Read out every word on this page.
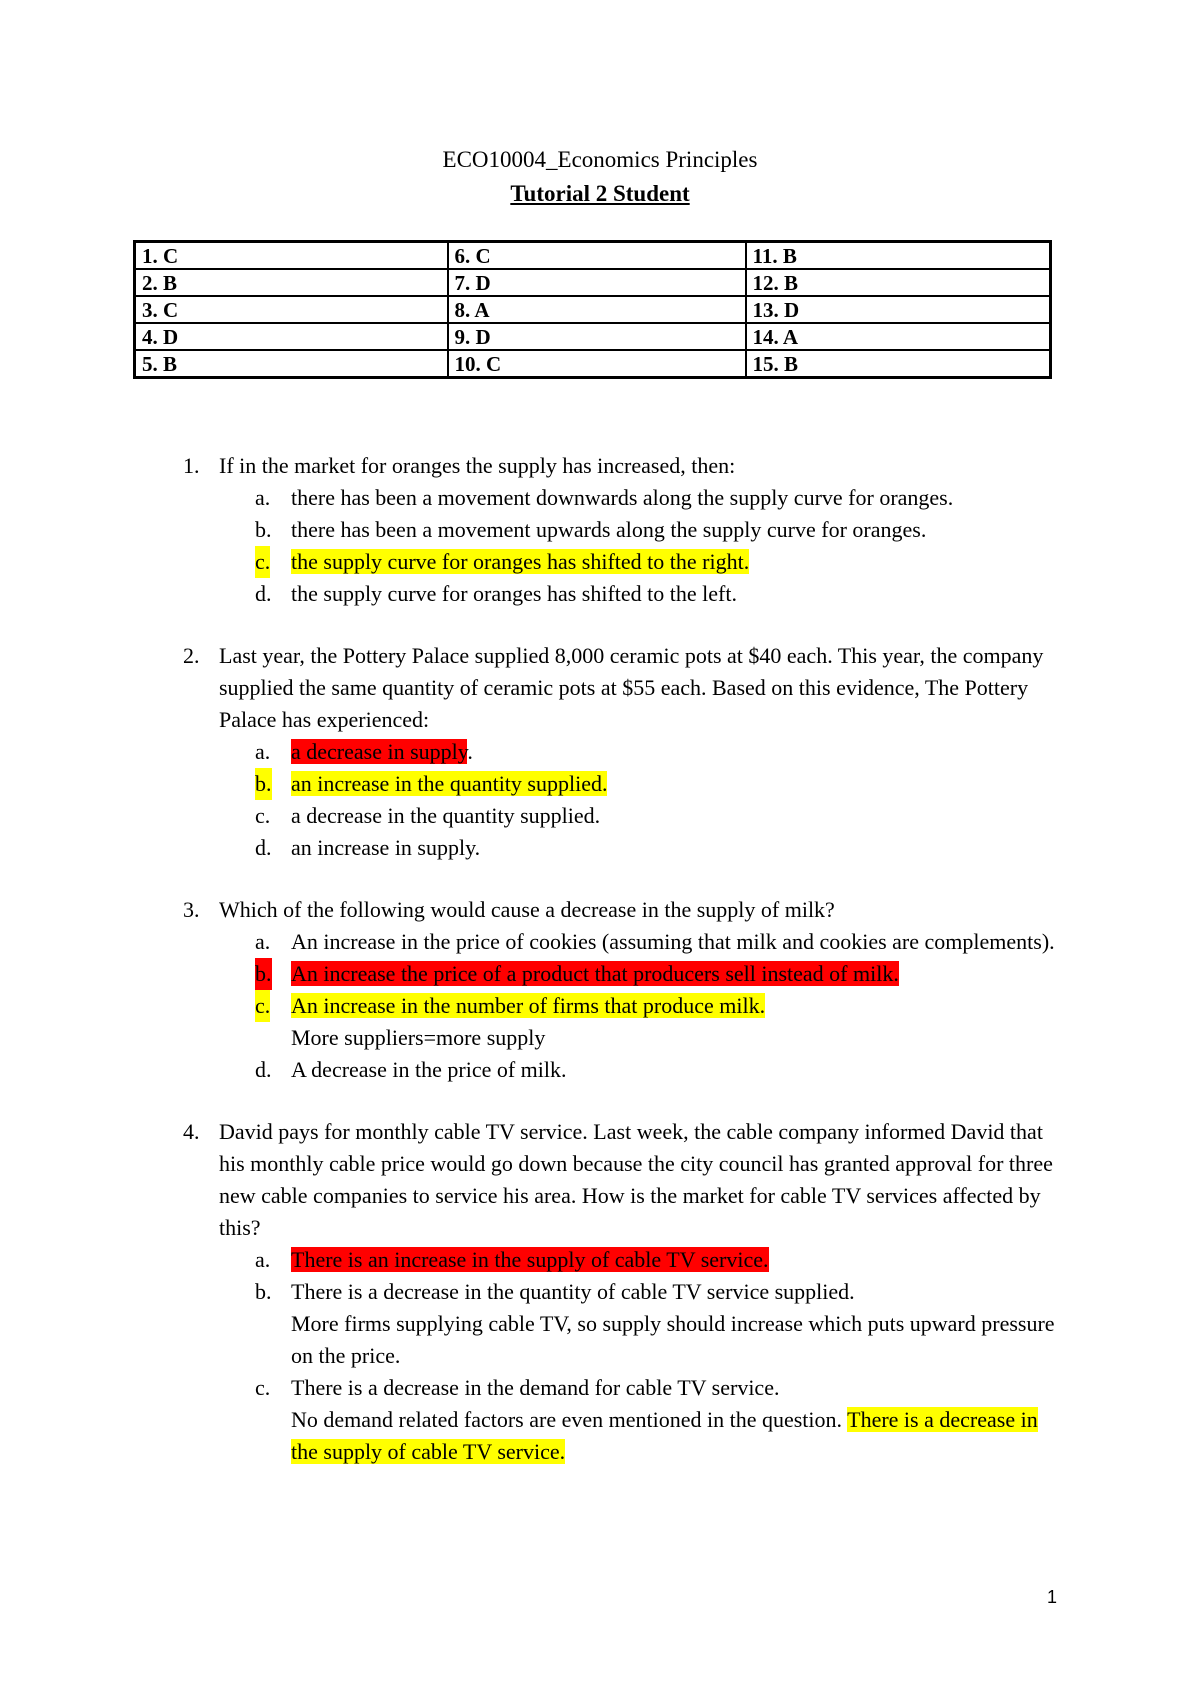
ECO10004_Economics Principles
Tutorial 2 Student
1. C	6. C	11. B
2. B	7. D	12. B
3. C	8. A	13. D
4. D	9. D	14. A
5. B	10. C	15. B
1. If in the market for oranges the supply has increased, then:
a. there has been a movement downwards along the supply curve for oranges.
b. there has been a movement upwards along the supply curve for oranges.
c. the supply curve for oranges has shifted to the right.
d. the supply curve for oranges has shifted to the left.
2. Last year, the Pottery Palace supplied 8,000 ceramic pots at $40 each. This year, the company supplied the same quantity of ceramic pots at $55 each. Based on this evidence, The Pottery Palace has experienced:
a. a decrease in supply.
b. an increase in the quantity supplied.
c. a decrease in the quantity supplied.
d. an increase in supply.
3. Which of the following would cause a decrease in the supply of milk?
a. An increase in the price of cookies (assuming that milk and cookies are complements).
b. An increase the price of a product that producers sell instead of milk.
c. An increase in the number of firms that produce milk.
More suppliers=more supply
d. A decrease in the price of milk.
4. David pays for monthly cable TV service. Last week, the cable company informed David that his monthly cable price would go down because the city council has granted approval for three new cable companies to service his area. How is the market for cable TV services affected by this?
a. There is an increase in the supply of cable TV service.
b. There is a decrease in the quantity of cable TV service supplied.
More firms supplying cable TV, so supply should increase which puts upward pressure on the price.
c. There is a decrease in the demand for cable TV service.
No demand related factors are even mentioned in the question. There is a decrease in the supply of cable TV service.
1
